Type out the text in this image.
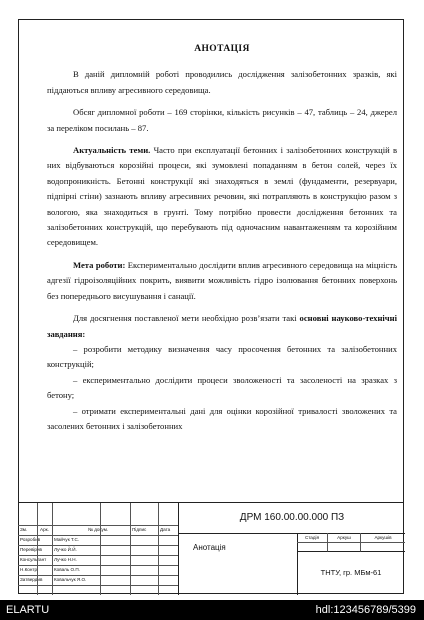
АНОТАЦІЯ

В даній дипломній роботі проводились дослідження залізобетонних зразків, які піддаються впливу агресивного середовища.

Обсяг дипломної роботи – 169 сторінки, кількість рисунків – 47, таблиць – 24, джерел за переліком посилань – 87.

Актуальність теми. Часто при експлуатації бетонних і залізобетонних конструкцій в них відбуваються корозійні процеси, які зумовлені попаданням в бетон солей, через їх водопроникність. Бетонні конструкції які знаходяться в землі (фундаменти, резервуари, підпірні стіни) зазнають впливу агресивних речовин, які потрапляють в конструкцію разом з вологою, яка знаходиться в грунті. Тому потрібно провести дослідження бетонних та залізобетонних конструкцій, що перебувають під одночасним навантаженням та корозійним середовищем.

Мета роботи: Експериментально дослідити вплив агресивного середовища на міцність адгезії гідроізоляційних покрить, виявити можливість гідро ізолювання бетонних поверхонь без попереднього висушування і санації.

Для досягнення поставленої мети необхідно розв’язати такі основні науково-технічні завдання:

– розробити методику визначення часу просочення бетонних та залізобетонних конструкцій;

– експериментально дослідити процеси зволоженості та засоленості на зразках з бетону;

– отримати експериментальні дані для оцінки корозійної тривалості зволожених та засолених бетонних і залізобетонних

Зм.	Арк.	№ докум.	Підпис	Дата
Розробив	Майчук Т.С.
Перевірив	Лучко Й.Й.
Консультант	Лучко Н.Н.
Н.Контр	Коваль О.П.
Затвердив	Ковальчук Я.О.
ДРМ 160.00.00.000 ПЗ
Анотація
Стадія	Аркуш	Аркушів
ТНТУ, гр. МБм-61
ELARTU	hdl:123456789/5399
